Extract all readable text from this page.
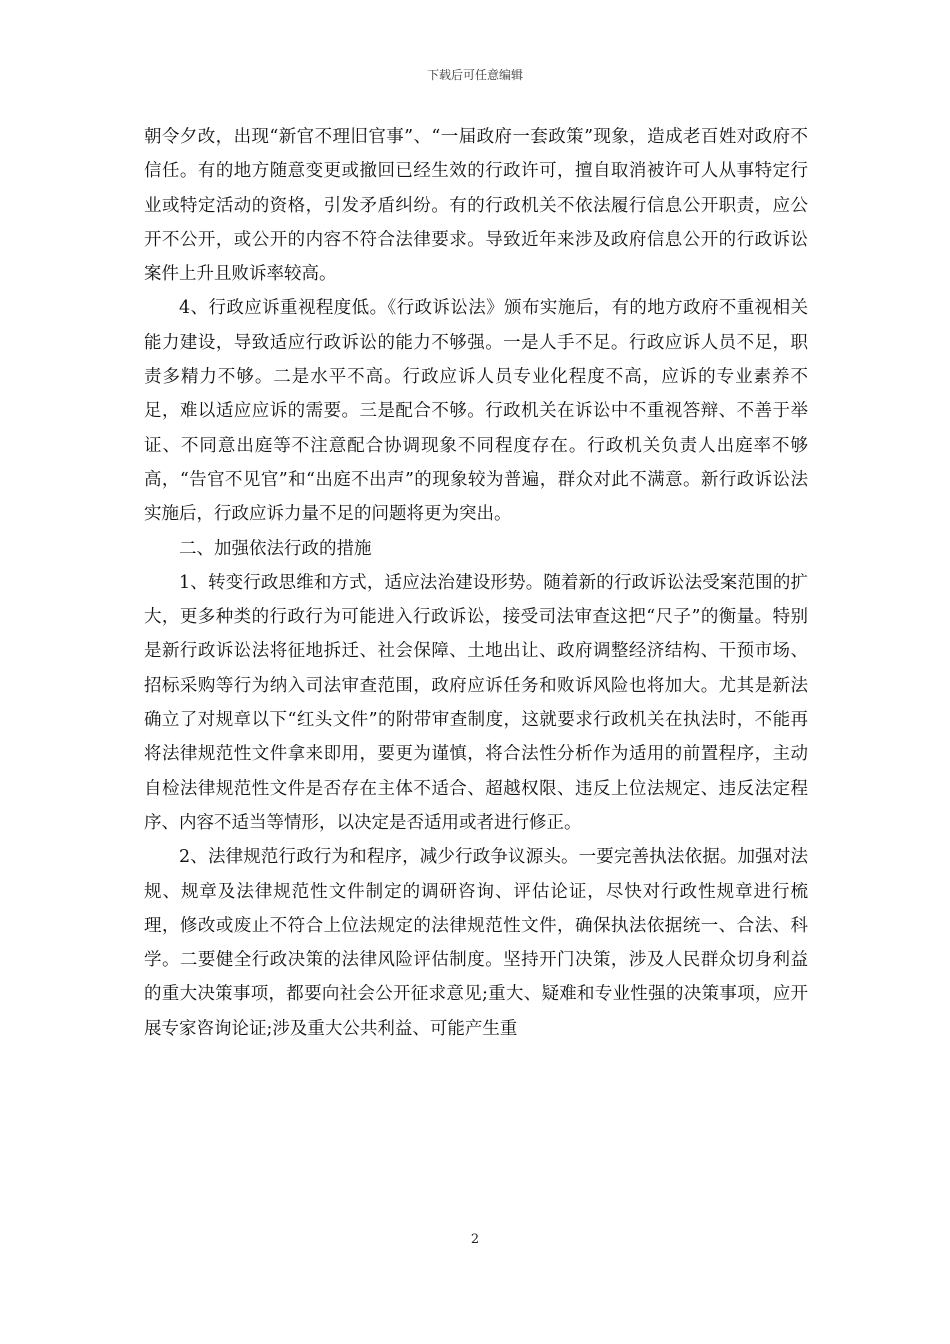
下载后可任意编辑

朝令夕改，出现“新官不理旧官事”、“一届政府一套政策”现象，造成老百姓对政府不信任。有的地方随意变更或撤回已经生效的行政许可，擅自取消被许可人从事特定行业或特定活动的资格，引发矛盾纠纷。有的行政机关不依法履行信息公开职责，应公开不公开，或公开的内容不符合法律要求。导致近年来涉及政府信息公开的行政诉讼案件上升且败诉率较高。

4、行政应诉重视程度低。《行政诉讼法》颁布实施后，有的地方政府不重视相关能力建设，导致适应行政诉讼的能力不够强。一是人手不足。行政应诉人员不足，职责多精力不够。二是水平不高。行政应诉人员专业化程度不高，应诉的专业素养不足，难以适应应诉的需要。三是配合不够。行政机关在诉讼中不重视答辩、不善于举证、不同意出庭等不注意配合协调现象不同程度存在。行政机关负责人出庭率不够高，“告官不见官”和“出庭不出声”的现象较为普遍，群众对此不满意。新行政诉讼法实施后，行政应诉力量不足的问题将更为突出。

二、加强依法行政的措施

1、转变行政思维和方式，适应法治建设形势。随着新的行政诉讼法受案范围的扩大，更多种类的行政行为可能进入行政诉讼，接受司法审查这把“尺子”的衡量。特别是新行政诉讼法将征地拆迁、社会保障、土地出让、政府调整经济结构、干预市场、招标采购等行为纳入司法审查范围，政府应诉任务和败诉风险也将加大。尤其是新法确立了对规章以下“红头文件”的附带审查制度，这就要求行政机关在执法时，不能再将法律规范性文件拿来即用，要更为谨慎，将合法性分析作为适用的前置程序，主动自检法律规范性文件是否存在主体不适合、超越权限、违反上位法规定、违反法定程序、内容不适当等情形，以决定是否适用或者进行修正。

2、法律规范行政行为和程序，减少行政争议源头。一要完善执法依据。加强对法规、规章及法律规范性文件制定的调研咨询、评估论证，尽快对行政性规章进行梳理，修改或废止不符合上位法规定的法律规范性文件，确保执法依据统一、合法、科学。二要健全行政决策的法律风险评估制度。坚持开门决策，涉及人民群众切身利益的重大决策事项，都要向社会公开征求意见;重大、疑难和专业性强的决策事项，应开展专家咨询论证;涉及重大公共利益、可能产生重

2
